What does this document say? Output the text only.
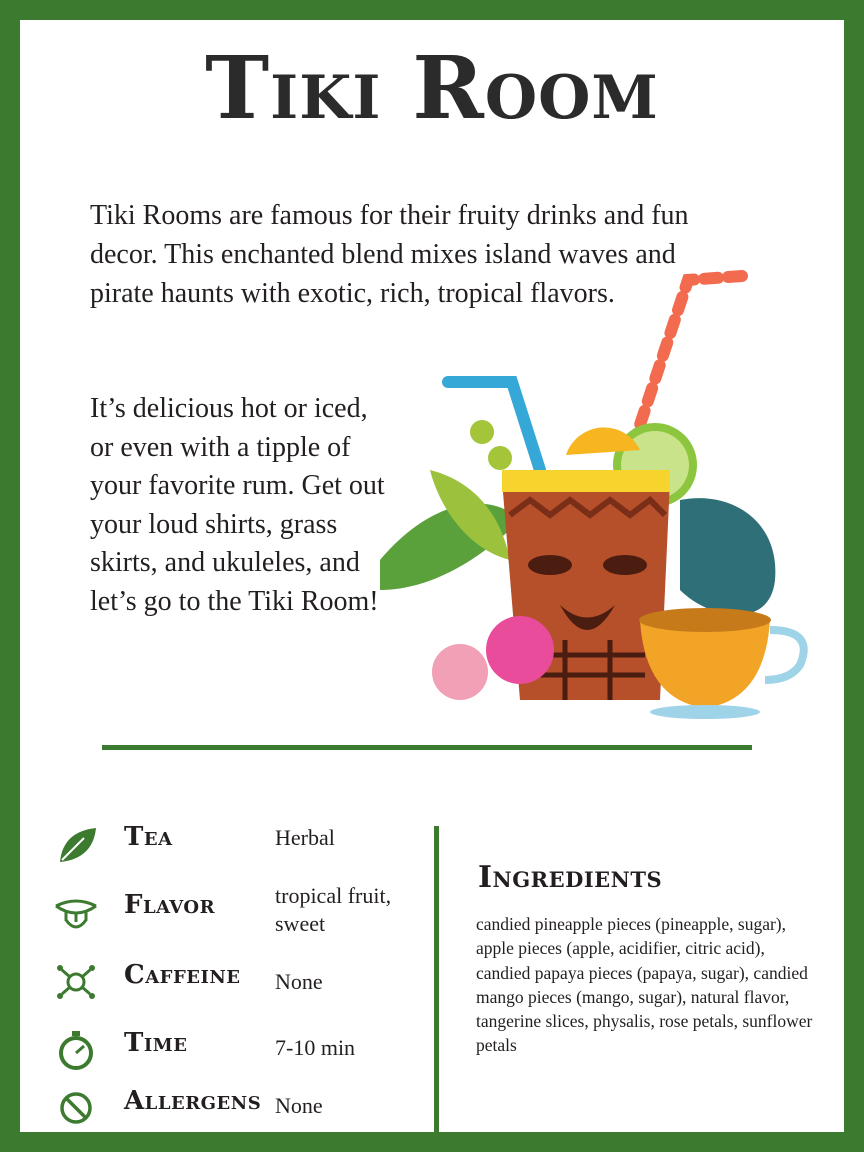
Tiki Room

Tiki Rooms are famous for their fruity drinks and fun decor. This enchanted blend mixes island waves and pirate haunts with exotic, rich, tropical flavors.

It’s delicious hot or iced, or even with a tipple of your favorite rum. Get out your loud shirts, grass skirts, and ukuleles, and let’s go to the Tiki Room!

Tea	Herbal
Flavor	tropical fruit, sweet
Caffeine None
Time	7-10 min
Allergens None
Ingredients
candied pineapple pieces (pineapple, sugar), apple pieces (apple, acidifier, citric acid), candied papaya pieces (papaya, sugar), candied mango pieces (mango, sugar), natural flavor, tangerine slices, physalis, rose petals, sunflower petals
